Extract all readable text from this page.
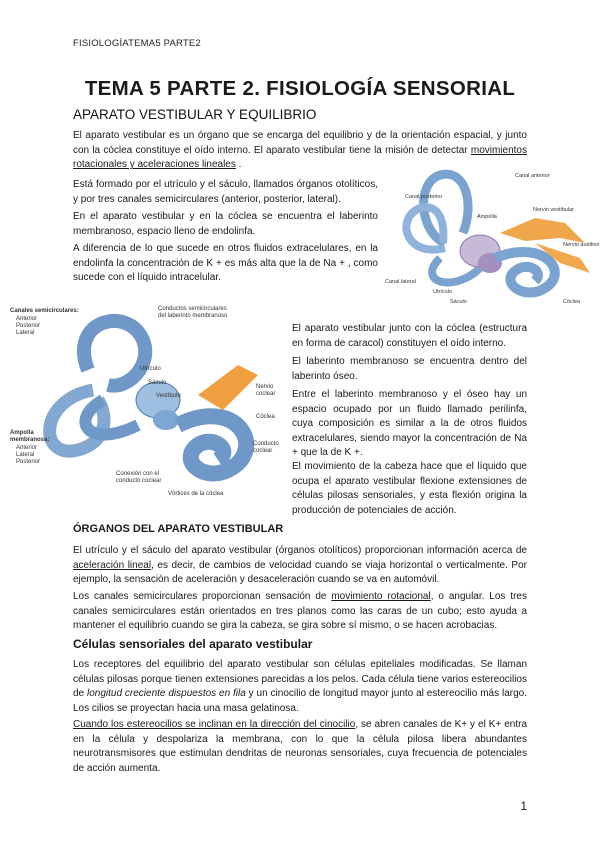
FISIOLOGÍATEMA5 PARTE2
TEMA 5 PARTE 2. FISIOLOGÍA SENSORIAL
APARATO VESTIBULAR Y EQUILIBRIO

El aparato vestibular es un órgano que se encarga del equilibrio y de la orientación espacial, y junto con la cóclea constituye el oído interno. El aparato vestibular tiene la misión de detectar movimientos rotacionales y aceleraciones lineales .

Está formado por el utrículo y el sáculo, llamados órganos otolíticos, y por tres canales semicirculares (anterior, posterior, lateral).

En el aparato vestibular y en la cóclea se encuentra el laberinto membranoso, espacio lleno de endolinfa.

A diferencia de lo que sucede en otros fluidos extracelulares, en la endolinfa la concentración de K + es más alta que la de Na + , como sucede con el líquido intracelular.

Canal anterior
Canal posterior
Ampolla
Nervio vestibular
Nervio auditivo
Canal lateral
Utrículo
Sáculo	Cóclea
Canales semicirculares:
Anterior
Posterior
Lateral
Conductos semicirculares
del laberinto membranoso
Utrículo
Sáculo
Vestíbulo
Nervio
coclear
Cóclea
Conducto
coclear
Ampolla
membranosa:
Anterior
Lateral
Posterior
Conexión con el
conducto coclear
Vórtices de la cóclea

El aparato vestibular junto con la cóclea (estructura en forma de caracol) constituyen el oído interno.

El laberinto membranoso se encuentra dentro del laberinto óseo.

Entre el laberinto membranoso y el óseo hay un espacio ocupado por un fluido llamado perilinfa, cuya composición es similar a la de otros fluidos extracelulares, siendo mayor la concentración de Na + que la de K +.

El movimiento de la cabeza hace que el líquido que ocupa el aparato vestibular flexione extensiones de células pilosas sensoriales, y esta flexión origina la producción de potenciales de acción.

ÓRGANOS DEL APARATO VESTIBULAR

El utrículo y el sáculo del aparato vestibular (órganos otolíticos) proporcionan información acerca de aceleración lineal, es decir, de cambios de velocidad cuando se viaja horizontal o verticalmente. Por ejemplo, la sensación de aceleración y desaceleración cuando se va en automóvil.

Los canales semicirculares proporcionan sensación de movimiento rotacional, o angular. Los tres canales semicirculares están orientados en tres planos como las caras de un cubo; esto ayuda a mantener el equilibrio cuando se gira la cabeza, se gira sobre sí mismo, o se hacen acrobacias.

Células sensoriales del aparato vestibular

Los receptores del equilibrio del aparato vestibular son células epiteliales modificadas. Se llaman células pilosas porque tienen extensiones parecidas a los pelos. Cada célula tiene varios estereocilios de longitud creciente dispuestos en fila y un cinocilio de longitud mayor junto al estereocilio más largo. Los cilios se proyectan hacia una masa gelatinosa.

Cuando los estereocilios se inclinan en la dirección del cinocilio, se abren canales de K+ y el K+ entra en la célula y despolariza la membrana, con lo que la célula pilosa libera abundantes neurotransmisores que estimulan dendritas de neuronas sensoriales, cuya frecuencia de potenciales de acción aumenta.

1
